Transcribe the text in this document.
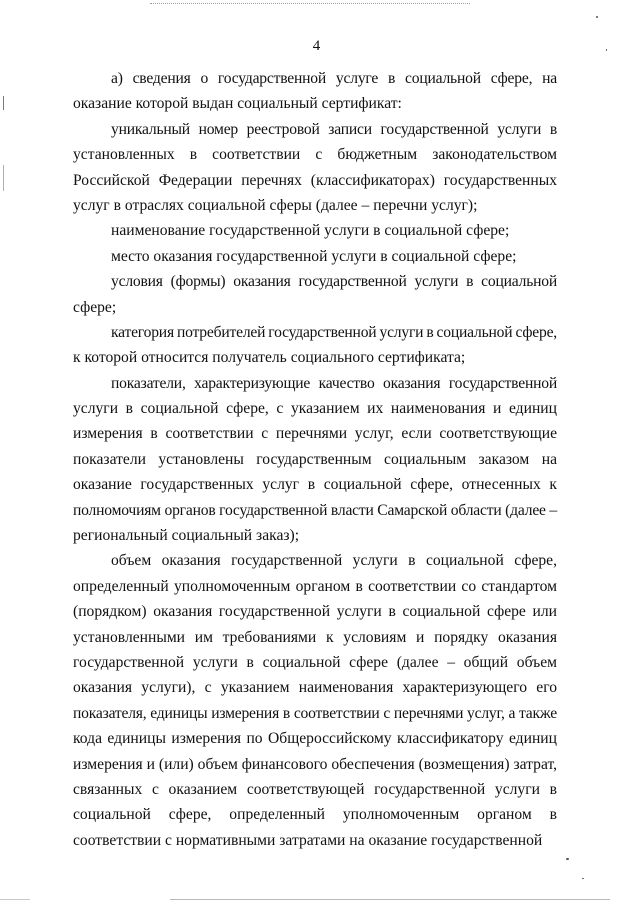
4
а) сведения о государственной услуге в социальной сфере, на
оказание которой выдан социальный сертификат:
уникальный номер реестровой записи государственной услуги в
установленных в соответствии с бюджетным законодательством
Российской Федерации перечнях (классификаторах) государственных
услуг в отраслях социальной сферы (далее – перечни услуг);
наименование государственной услуги в социальной сфере;
место оказания государственной услуги в социальной сфере;
условия (формы) оказания государственной услуги в социальной
сфере;
категория потребителей государственной услуги в социальной сфере,
к которой относится получатель социального сертификата;
показатели, характеризующие качество оказания государственной
услуги в социальной сфере, с указанием их наименования и единиц
измерения в соответствии с перечнями услуг, если соответствующие
показатели установлены государственным социальным заказом на
оказание государственных услуг в социальной сфере, отнесенных к
полномочиям органов государственной власти Самарской области (далее –
региональный социальный заказ);
объем оказания государственной услуги в социальной сфере,
определенный уполномоченным органом в соответствии со стандартом
(порядком) оказания государственной услуги в социальной сфере или
установленными им требованиями к условиям и порядку оказания
государственной услуги в социальной сфере (далее – общий объем
оказания услуги), с указанием наименования характеризующего его
показателя, единицы измерения в соответствии с перечнями услуг, а также
кода единицы измерения по Общероссийскому классификатору единиц
измерения и (или) объем финансового обеспечения (возмещения) затрат,
связанных с оказанием соответствующей государственной услуги в
социальной сфере, определенный уполномоченным органом в
соответствии с нормативными затратами на оказание государственной
